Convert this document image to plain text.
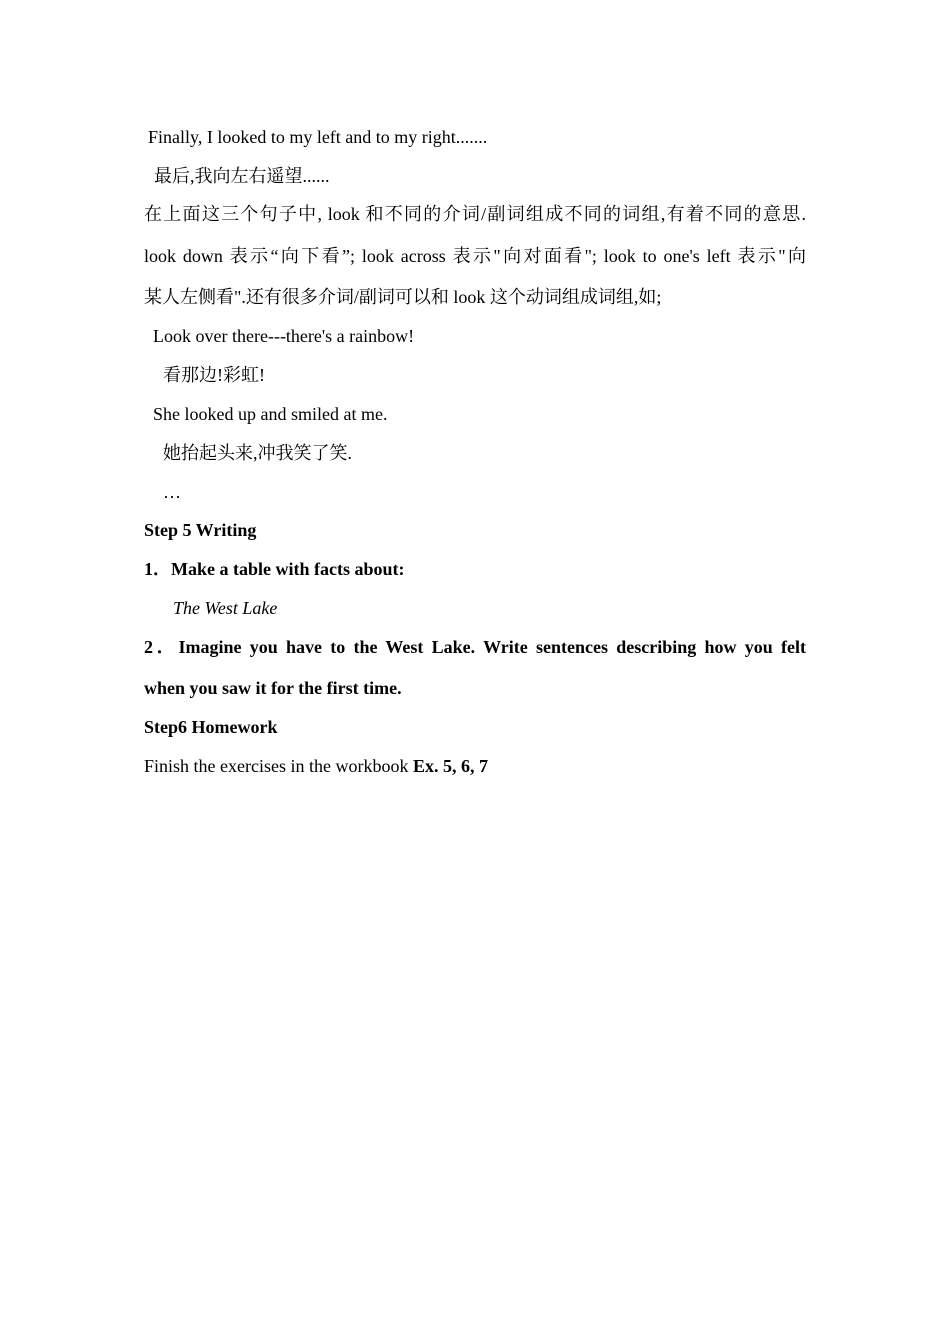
Finally, I looked to my left and to my right.......
最后,我向左右遥望......
在上面这三个句子中, look 和不同的介词/副词组成不同的词组,有着不同的意思.
look down 表示“向下看”; look across 表示"向对面看"; look to one's left 表示"向
某人左侧看".还有很多介词/副词可以和 look 这个动词组成词组,如;
Look over there---there's a rainbow!
看那边!彩虹!
She looked up and smiled at me.
她抬起头来,冲我笑了笑.
…
Step 5 Writing
1．Make a table with facts about:
The West Lake
2．Imagine you have to the West Lake. Write sentences describing how you felt
when you saw it for the first time.
Step6 Homework
Finish the exercises in the workbook Ex. 5, 6, 7
